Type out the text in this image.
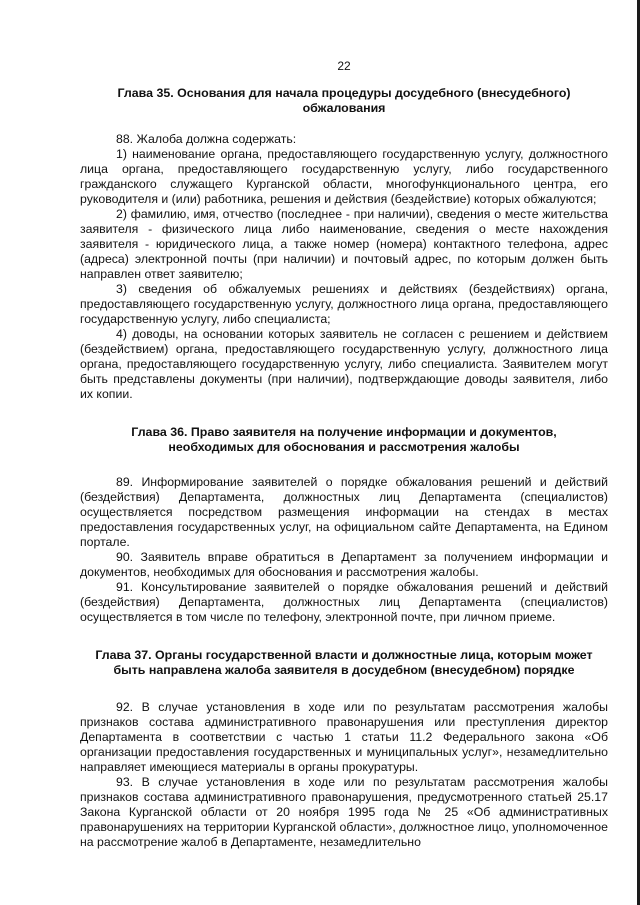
22
Глава 35. Основания для начала процедуры досудебного (внесудебного)
обжалования

88. Жалоба должна содержать:

1) наименование органа, предоставляющего государственную услугу, должностного лица органа, предоставляющего государственную услугу, либо государственного гражданского служащего Курганской области, многофункционального центра, его руководителя и (или) работника, решения и действия (бездействие) которых обжалуются;

2) фамилию, имя, отчество (последнее - при наличии), сведения о месте жительства заявителя - физического лица либо наименование, сведения о месте нахождения заявителя - юридического лица, а также номер (номера) контактного телефона, адрес (адреса) электронной почты (при наличии) и почтовый адрес, по которым должен быть направлен ответ заявителю;

3) сведения об обжалуемых решениях и действиях (бездействиях) органа, предоставляющего государственную услугу, должностного лица органа, предоставляющего государственную услугу, либо специалиста;

4) доводы, на основании которых заявитель не согласен с решением и действием (бездействием) органа, предоставляющего государственную услугу, должностного лица органа, предоставляющего государственную услугу, либо специалиста. Заявителем могут быть представлены документы (при наличии), подтверждающие доводы заявителя, либо их копии.

Глава 36. Право заявителя на получение информации и документов,
необходимых для обоснования и рассмотрения жалобы

89. Информирование заявителей о порядке обжалования решений и действий (бездействия) Департамента, должностных лиц Департамента (специалистов) осуществляется посредством размещения информации на стендах в местах предоставления государственных услуг, на официальном сайте Департамента, на Едином портале.

90. Заявитель вправе обратиться в Департамент за получением информации и документов, необходимых для обоснования и рассмотрения жалобы.

91. Консультирование заявителей о порядке обжалования решений и действий (бездействия) Департамента, должностных лиц Департамента (специалистов) осуществляется в том числе по телефону, электронной почте, при личном приеме.

Глава 37. Органы государственной власти и должностные лица, которым может
быть направлена жалоба заявителя в досудебном (внесудебном) порядке

92. В случае установления в ходе или по результатам рассмотрения жалобы признаков состава административного правонарушения или преступления директор Департамента в соответствии с частью 1 статьи 11.2 Федерального закона «Об организации предоставления государственных и муниципальных услуг», незамедлительно направляет имеющиеся материалы в органы прокуратуры.

93. В случае установления в ходе или по результатам рассмотрения жалобы признаков состава административного правонарушения, предусмотренного статьей 25.17 Закона Курганской области от 20 ноября 1995 года № 25 «Об административных правонарушениях на территории Курганской области», должностное лицо, уполномоченное на рассмотрение жалоб в Департаменте, незамедлительно
